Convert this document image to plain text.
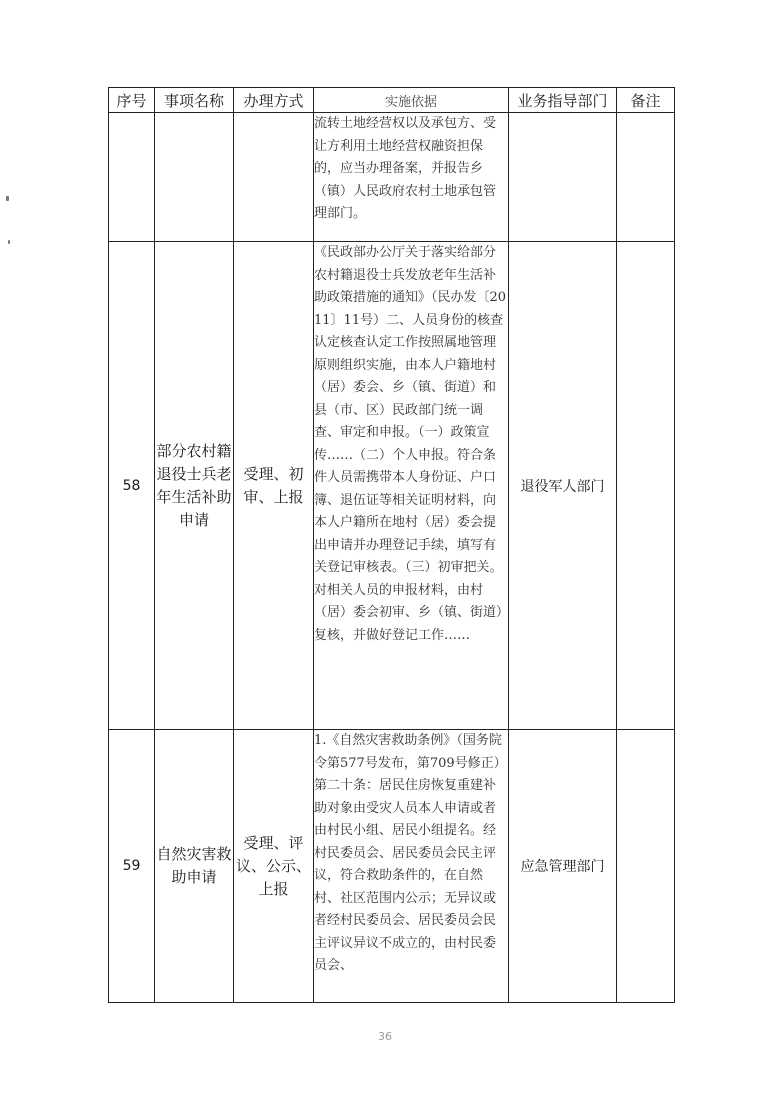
序号	事项名称	办理方式	实施依据	业务指导部门	备注
			流转土地经营权以及承包方、受让方利用土地经营权融资担保的，应当办理备案，并报告乡（镇）人民政府农村土地承包管理部门。		
58	部分农村籍退役士兵老年生活补助申请	受理、初审、上报	《民政部办公厅关于落实给部分农村籍退役士兵发放老年生活补助政策措施的通知》（民办发〔2011〕11号）二、人员身份的核查认定核查认定工作按照属地管理原则组织实施，由本人户籍地村（居）委会、乡（镇、街道）和县（市、区）民政部门统一调查、审定和申报。（一）政策宣传……（二）个人申报。符合条件人员需携带本人身份证、户口簿、退伍证等相关证明材料，向本人户籍所在地村（居）委会提出申请并办理登记手续，填写有关登记审核表。（三）初审把关。对相关人员的申报材料，由村（居）委会初审、乡（镇、街道）复核，并做好登记工作……	退役军人部门	
59	自然灾害救助申请	受理、评议、公示、上报	1.《自然灾害救助条例》（国务院令第577号发布，第709号修正）第二十条：居民住房恢复重建补助对象由受灾人员本人申请或者由村民小组、居民小组提名。经村民委员会、居民委员会民主评议，符合救助条件的，在自然村、社区范围内公示；无异议或者经村民委员会、居民委员会民主评议异议不成立的，由村民委员会、	应急管理部门	
36
